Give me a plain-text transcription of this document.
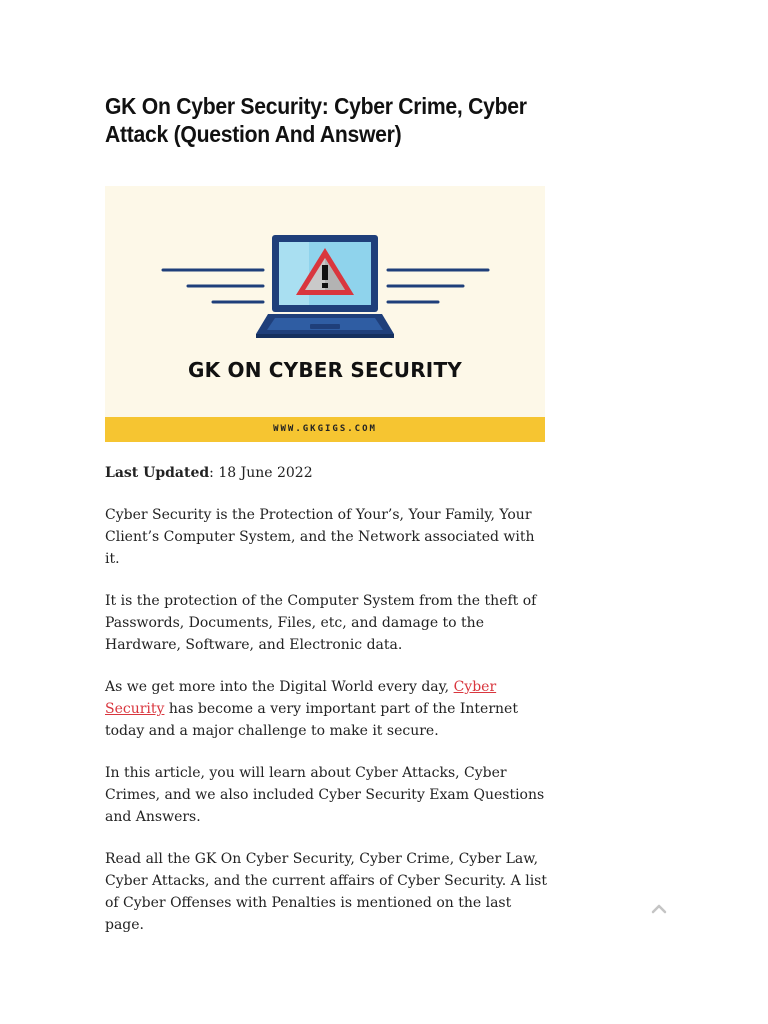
GK On Cyber Security: Cyber Crime, Cyber Attack (Question And Answer)
GK ON CYBER SECURITY
WWW.GKGIGS.COM

Last Updated: 18 June 2022

Cyber Security is the Protection of Your’s, Your Family, Your Client’s Computer System, and the Network associated with it.

It is the protection of the Computer System from the theft of Passwords, Documents, Files, etc, and damage to the Hardware, Software, and Electronic data.

As we get more into the Digital World every day, Cyber Security has become a very important part of the Internet today and a major challenge to make it secure.

In this article, you will learn about Cyber Attacks, Cyber Crimes, and we also included Cyber Security Exam Questions and Answers.

Read all the GK On Cyber Security, Cyber Crime, Cyber Law, Cyber Attacks, and the current affairs of Cyber Security. A list of Cyber Offenses with Penalties is mentioned on the last page.
